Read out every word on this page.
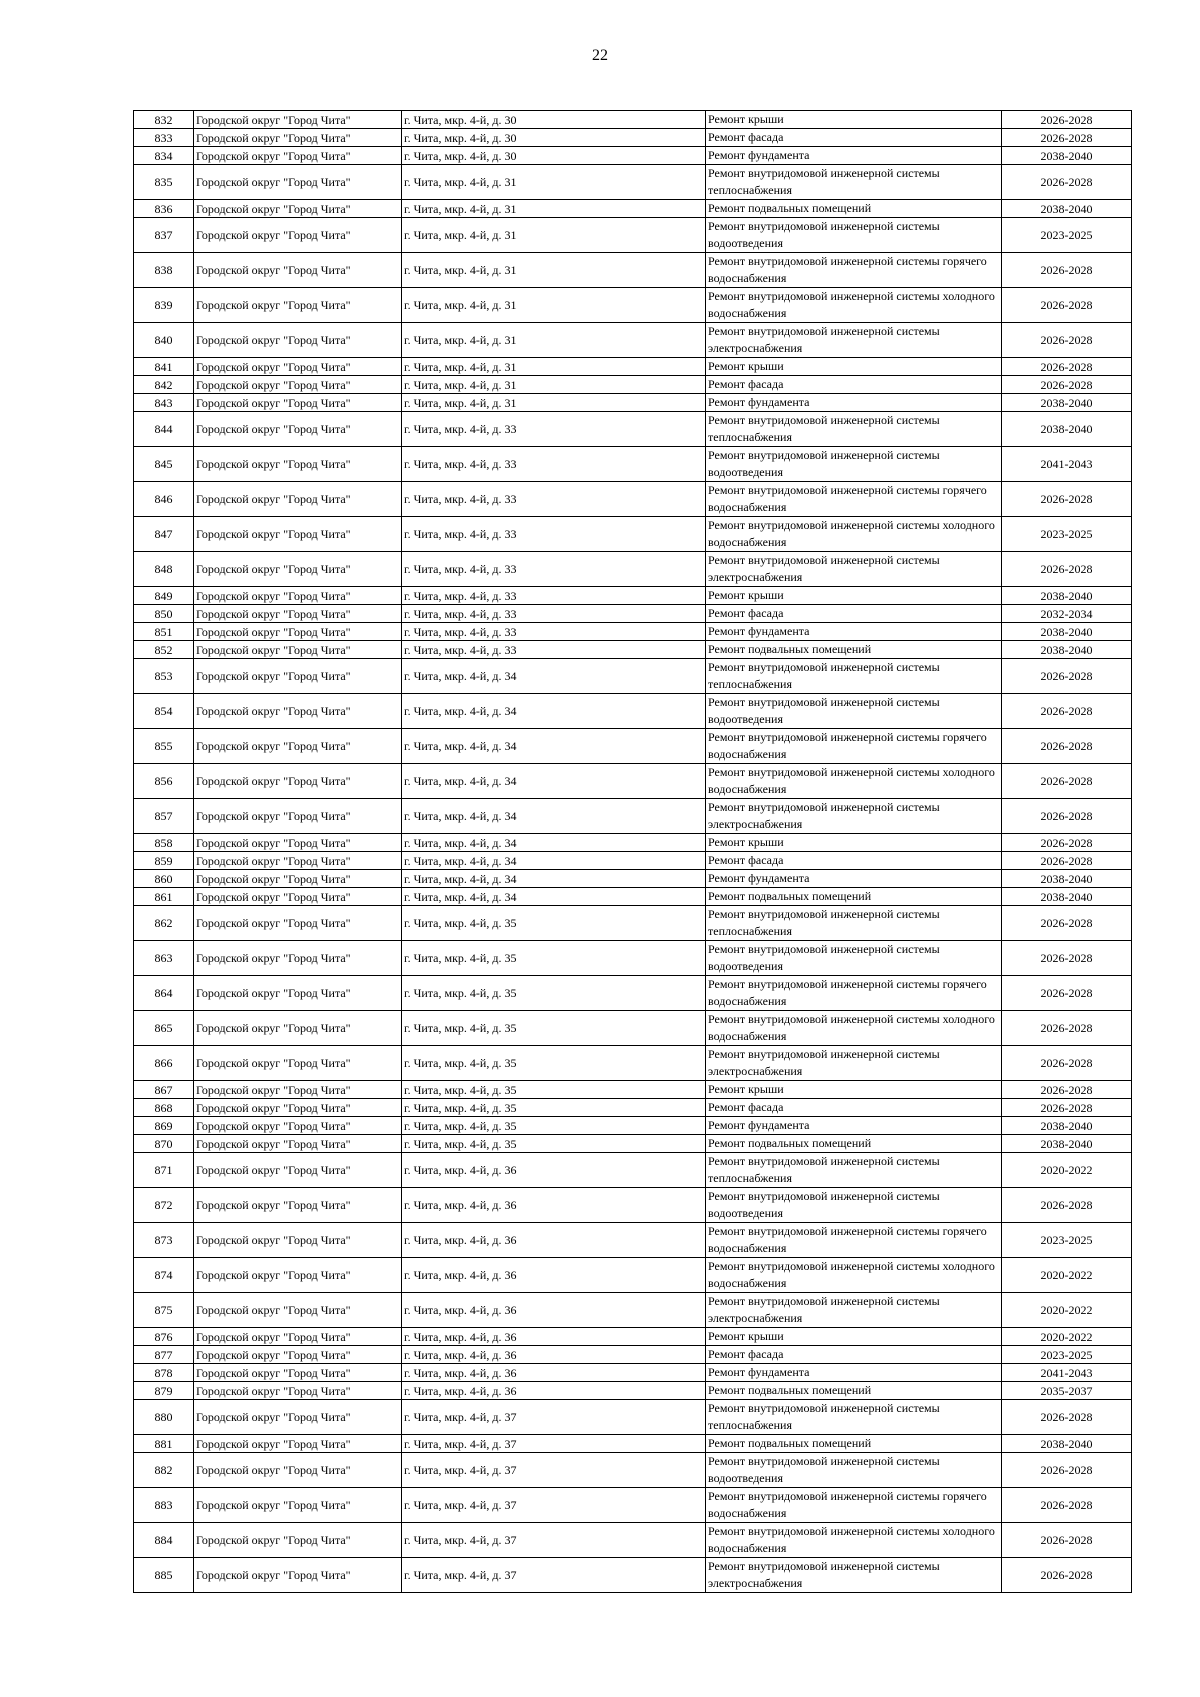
22
832	Городской округ "Город Чита"	г. Чита, мкр. 4-й, д. 30	Ремонт крыши	2026-2028
833	Городской округ "Город Чита"	г. Чита, мкр. 4-й, д. 30	Ремонт фасада	2026-2028
834	Городской округ "Город Чита"	г. Чита, мкр. 4-й, д. 30	Ремонт фундамента	2038-2040
835	Городской округ "Город Чита"	г. Чита, мкр. 4-й, д. 31	Ремонт внутридомовой инженерной системы теплоснабжения	2026-2028
836	Городской округ "Город Чита"	г. Чита, мкр. 4-й, д. 31	Ремонт подвальных помещений	2038-2040
837	Городской округ "Город Чита"	г. Чита, мкр. 4-й, д. 31	Ремонт внутридомовой инженерной системы водоотведения	2023-2025
838	Городской округ "Город Чита"	г. Чита, мкр. 4-й, д. 31	Ремонт внутридомовой инженерной системы горячего водоснабжения	2026-2028
839	Городской округ "Город Чита"	г. Чита, мкр. 4-й, д. 31	Ремонт внутридомовой инженерной системы холодного водоснабжения	2026-2028
840	Городской округ "Город Чита"	г. Чита, мкр. 4-й, д. 31	Ремонт внутридомовой инженерной системы электроснабжения	2026-2028
841	Городской округ "Город Чита"	г. Чита, мкр. 4-й, д. 31	Ремонт крыши	2026-2028
842	Городской округ "Город Чита"	г. Чита, мкр. 4-й, д. 31	Ремонт фасада	2026-2028
843	Городской округ "Город Чита"	г. Чита, мкр. 4-й, д. 31	Ремонт фундамента	2038-2040
844	Городской округ "Город Чита"	г. Чита, мкр. 4-й, д. 33	Ремонт внутридомовой инженерной системы теплоснабжения	2038-2040
845	Городской округ "Город Чита"	г. Чита, мкр. 4-й, д. 33	Ремонт внутридомовой инженерной системы водоотведения	2041-2043
846	Городской округ "Город Чита"	г. Чита, мкр. 4-й, д. 33	Ремонт внутридомовой инженерной системы горячего водоснабжения	2026-2028
847	Городской округ "Город Чита"	г. Чита, мкр. 4-й, д. 33	Ремонт внутридомовой инженерной системы холодного водоснабжения	2023-2025
848	Городской округ "Город Чита"	г. Чита, мкр. 4-й, д. 33	Ремонт внутридомовой инженерной системы электроснабжения	2026-2028
849	Городской округ "Город Чита"	г. Чита, мкр. 4-й, д. 33	Ремонт крыши	2038-2040
850	Городской округ "Город Чита"	г. Чита, мкр. 4-й, д. 33	Ремонт фасада	2032-2034
851	Городской округ "Город Чита"	г. Чита, мкр. 4-й, д. 33	Ремонт фундамента	2038-2040
852	Городской округ "Город Чита"	г. Чита, мкр. 4-й, д. 33	Ремонт подвальных помещений	2038-2040
853	Городской округ "Город Чита"	г. Чита, мкр. 4-й, д. 34	Ремонт внутридомовой инженерной системы теплоснабжения	2026-2028
854	Городской округ "Город Чита"	г. Чита, мкр. 4-й, д. 34	Ремонт внутридомовой инженерной системы водоотведения	2026-2028
855	Городской округ "Город Чита"	г. Чита, мкр. 4-й, д. 34	Ремонт внутридомовой инженерной системы горячего водоснабжения	2026-2028
856	Городской округ "Город Чита"	г. Чита, мкр. 4-й, д. 34	Ремонт внутридомовой инженерной системы холодного водоснабжения	2026-2028
857	Городской округ "Город Чита"	г. Чита, мкр. 4-й, д. 34	Ремонт внутридомовой инженерной системы электроснабжения	2026-2028
858	Городской округ "Город Чита"	г. Чита, мкр. 4-й, д. 34	Ремонт крыши	2026-2028
859	Городской округ "Город Чита"	г. Чита, мкр. 4-й, д. 34	Ремонт фасада	2026-2028
860	Городской округ "Город Чита"	г. Чита, мкр. 4-й, д. 34	Ремонт фундамента	2038-2040
861	Городской округ "Город Чита"	г. Чита, мкр. 4-й, д. 34	Ремонт подвальных помещений	2038-2040
862	Городской округ "Город Чита"	г. Чита, мкр. 4-й, д. 35	Ремонт внутридомовой инженерной системы теплоснабжения	2026-2028
863	Городской округ "Город Чита"	г. Чита, мкр. 4-й, д. 35	Ремонт внутридомовой инженерной системы водоотведения	2026-2028
864	Городской округ "Город Чита"	г. Чита, мкр. 4-й, д. 35	Ремонт внутридомовой инженерной системы горячего водоснабжения	2026-2028
865	Городской округ "Город Чита"	г. Чита, мкр. 4-й, д. 35	Ремонт внутридомовой инженерной системы холодного водоснабжения	2026-2028
866	Городской округ "Город Чита"	г. Чита, мкр. 4-й, д. 35	Ремонт внутридомовой инженерной системы электроснабжения	2026-2028
867	Городской округ "Город Чита"	г. Чита, мкр. 4-й, д. 35	Ремонт крыши	2026-2028
868	Городской округ "Город Чита"	г. Чита, мкр. 4-й, д. 35	Ремонт фасада	2026-2028
869	Городской округ "Город Чита"	г. Чита, мкр. 4-й, д. 35	Ремонт фундамента	2038-2040
870	Городской округ "Город Чита"	г. Чита, мкр. 4-й, д. 35	Ремонт подвальных помещений	2038-2040
871	Городской округ "Город Чита"	г. Чита, мкр. 4-й, д. 36	Ремонт внутридомовой инженерной системы теплоснабжения	2020-2022
872	Городской округ "Город Чита"	г. Чита, мкр. 4-й, д. 36	Ремонт внутридомовой инженерной системы водоотведения	2026-2028
873	Городской округ "Город Чита"	г. Чита, мкр. 4-й, д. 36	Ремонт внутридомовой инженерной системы горячего водоснабжения	2023-2025
874	Городской округ "Город Чита"	г. Чита, мкр. 4-й, д. 36	Ремонт внутридомовой инженерной системы холодного водоснабжения	2020-2022
875	Городской округ "Город Чита"	г. Чита, мкр. 4-й, д. 36	Ремонт внутридомовой инженерной системы электроснабжения	2020-2022
876	Городской округ "Город Чита"	г. Чита, мкр. 4-й, д. 36	Ремонт крыши	2020-2022
877	Городской округ "Город Чита"	г. Чита, мкр. 4-й, д. 36	Ремонт фасада	2023-2025
878	Городской округ "Город Чита"	г. Чита, мкр. 4-й, д. 36	Ремонт фундамента	2041-2043
879	Городской округ "Город Чита"	г. Чита, мкр. 4-й, д. 36	Ремонт подвальных помещений	2035-2037
880	Городской округ "Город Чита"	г. Чита, мкр. 4-й, д. 37	Ремонт внутридомовой инженерной системы теплоснабжения	2026-2028
881	Городской округ "Город Чита"	г. Чита, мкр. 4-й, д. 37	Ремонт подвальных помещений	2038-2040
882	Городской округ "Город Чита"	г. Чита, мкр. 4-й, д. 37	Ремонт внутридомовой инженерной системы водоотведения	2026-2028
883	Городской округ "Город Чита"	г. Чита, мкр. 4-й, д. 37	Ремонт внутридомовой инженерной системы горячего водоснабжения	2026-2028
884	Городской округ "Город Чита"	г. Чита, мкр. 4-й, д. 37	Ремонт внутридомовой инженерной системы холодного водоснабжения	2026-2028
885	Городской округ "Город Чита"	г. Чита, мкр. 4-й, д. 37	Ремонт внутридомовой инженерной системы электроснабжения	2026-2028
